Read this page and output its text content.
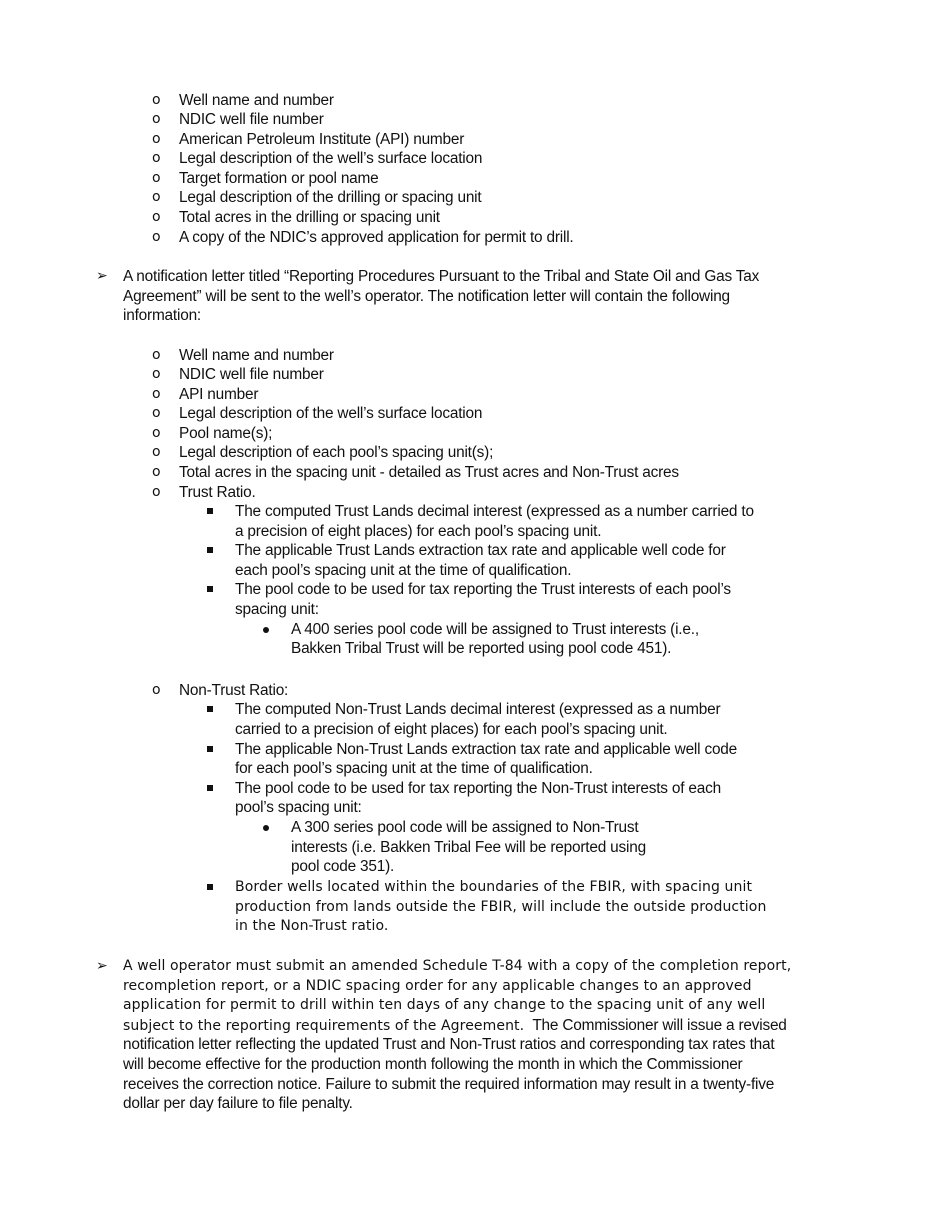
o Well name and number
o NDIC well file number
o American Petroleum Institute (API) number
o Legal description of the well’s surface location
o Target formation or pool name
o Legal description of the drilling or spacing unit
o Total acres in the drilling or spacing unit
o A copy of the NDIC’s approved application for permit to drill.
➢ A notification letter titled “Reporting Procedures Pursuant to the Tribal and State Oil and Gas Tax
Agreement” will be sent to the well’s operator. The notification letter will contain the following
information:
o Well name and number
o NDIC well file number
o API number
o Legal description of the well’s surface location
o Pool name(s);
o Legal description of each pool’s spacing unit(s);
o Total acres in the spacing unit - detailed as Trust acres and Non-Trust acres
o Trust Ratio.
The computed Trust Lands decimal interest (expressed as a number carried to
a precision of eight places) for each pool’s spacing unit.
The applicable Trust Lands extraction tax rate and applicable well code for
each pool’s spacing unit at the time of qualification.
The pool code to be used for tax reporting the Trust interests of each pool’s
spacing unit:
A 400 series pool code will be assigned to Trust interests (i.e.,
Bakken Tribal Trust will be reported using pool code 451).
o Non-Trust Ratio:
The computed Non-Trust Lands decimal interest (expressed as a number
carried to a precision of eight places) for each pool’s spacing unit.
The applicable Non-Trust Lands extraction tax rate and applicable well code
for each pool’s spacing unit at the time of qualification.
The pool code to be used for tax reporting the Non-Trust interests of each
pool’s spacing unit:
A 300 series pool code will be assigned to Non-Trust
interests (i.e. Bakken Tribal Fee will be reported using
pool code 351).
Border wells located within the boundaries of the FBIR, with spacing unit
production from lands outside the FBIR, will include the outside production
in the Non-Trust ratio.
➢ A well operator must submit an amended Schedule T-84 with a copy of the completion report,
recompletion report, or a NDIC spacing order for any applicable changes to an approved
application for permit to drill within ten days of any change to the spacing unit of any well
subject to the reporting requirements of the Agreement. The Commissioner will issue a revised
notification letter reflecting the updated Trust and Non-Trust ratios and corresponding tax rates that
will become effective for the production month following the month in which the Commissioner
receives the correction notice. Failure to submit the required information may result in a twenty-five
dollar per day failure to file penalty.
